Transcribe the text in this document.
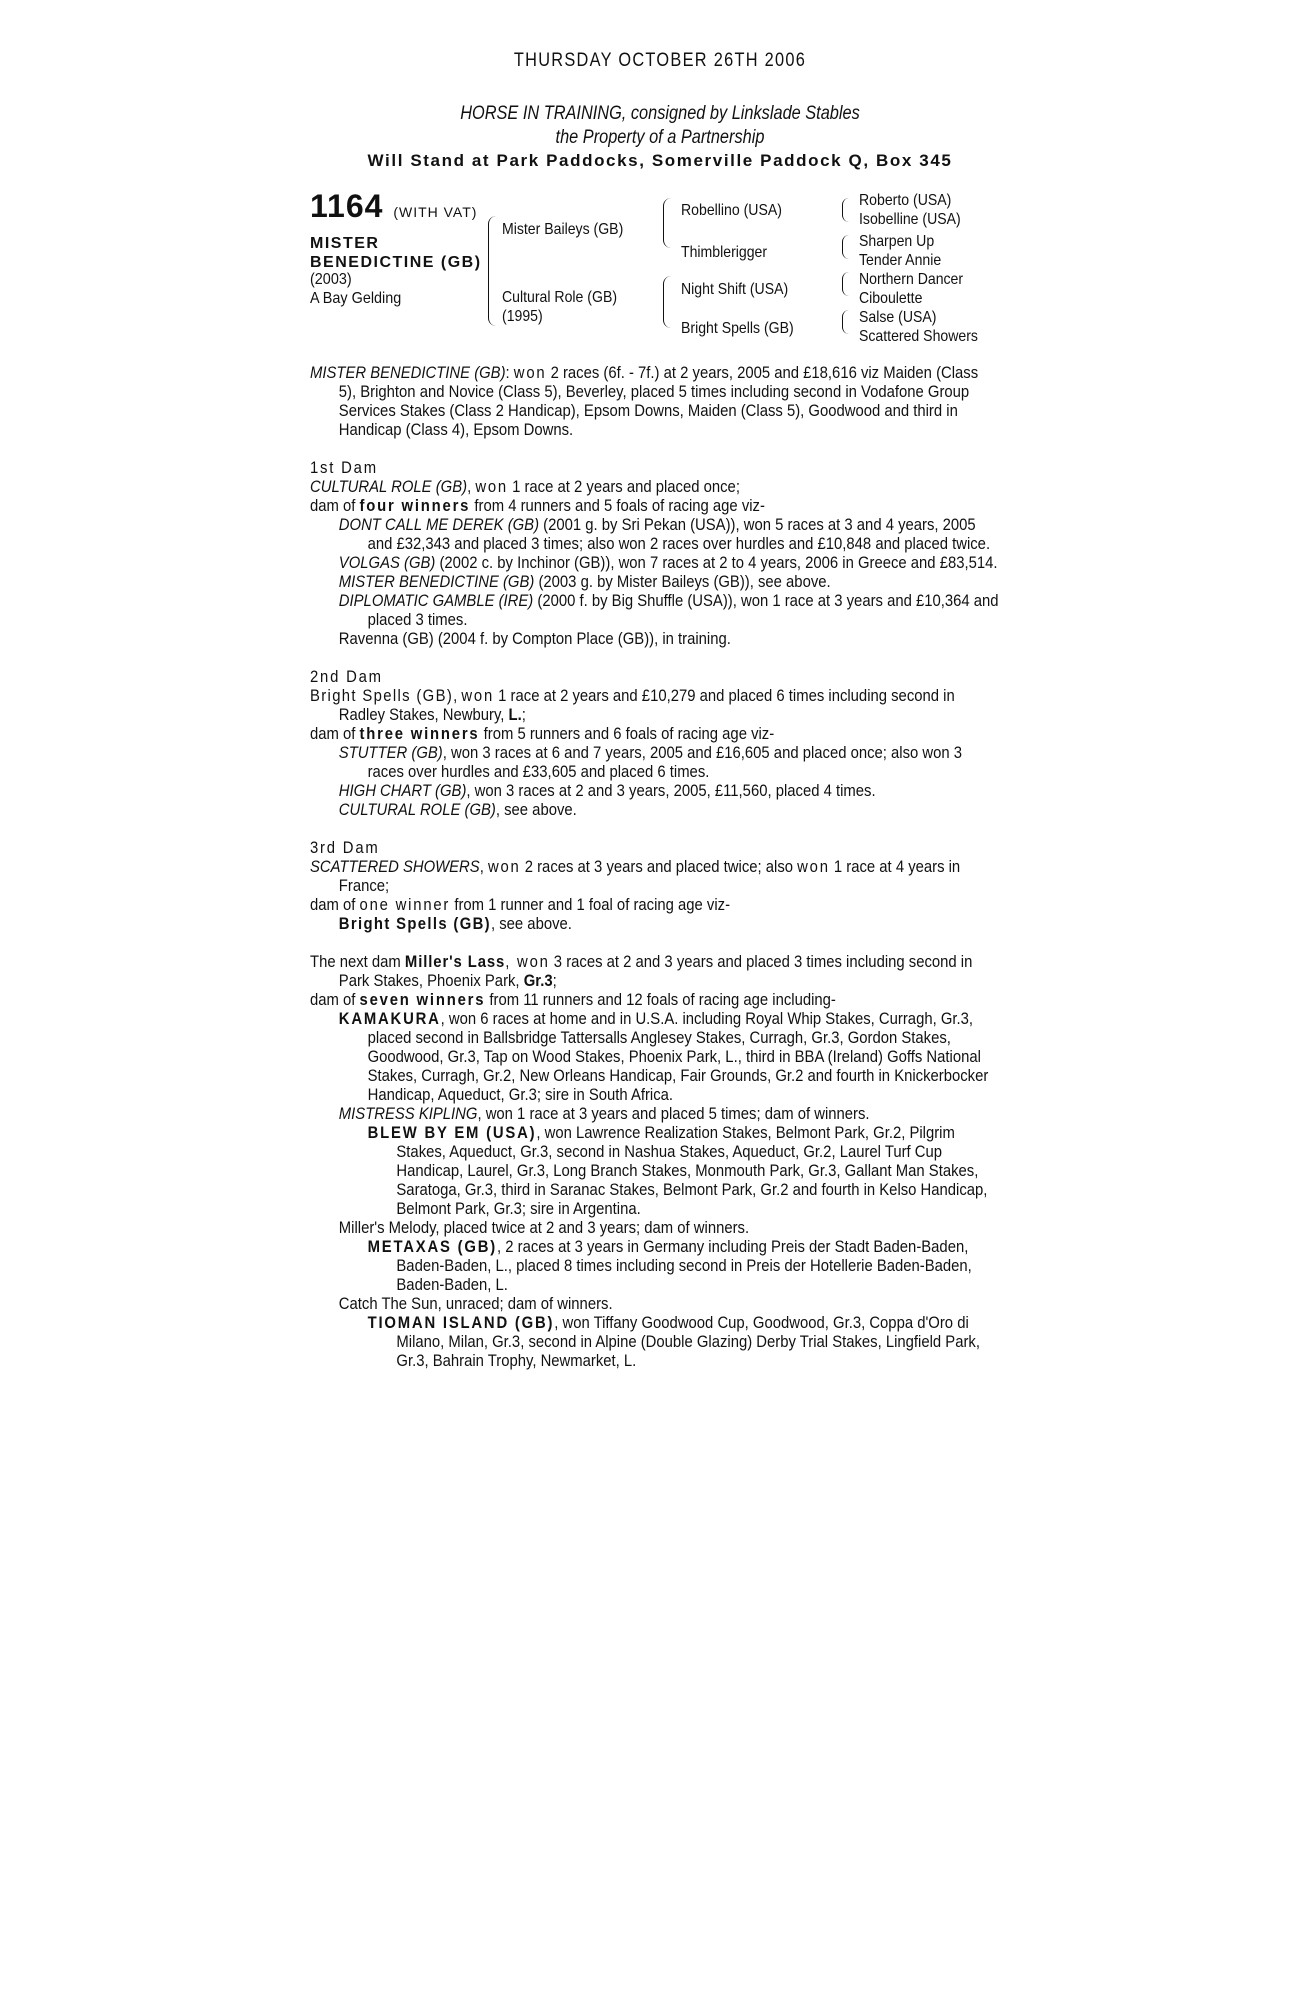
THURSDAY OCTOBER 26TH 2006
HORSE IN TRAINING, consigned by Linkslade Stables
the Property of a Partnership
Will Stand at Park Paddocks, Somerville Paddock Q, Box 345
1164 (WITH VAT)
MISTER
BENEDICTINE (GB)
(2003)
A Bay Gelding
Mister Baileys (GB)
Cultural Role (GB)
(1995)
Robellino (USA)
Thimblerigger
Night Shift (USA)
Bright Spells (GB)
Roberto (USA)
Isobelline (USA)
Sharpen Up
Tender Annie
Northern Dancer
Ciboulette
Salse (USA)
Scattered Showers

MISTER BENEDICTINE (GB): won 2 races (6f. - 7f.) at 2 years, 2005 and £18,616 viz Maiden (Class 5), Brighton and Novice (Class 5), Beverley, placed 5 times including second in Vodafone Group Services Stakes (Class 2 Handicap), Epsom Downs, Maiden (Class 5), Goodwood and third in Handicap (Class 4), Epsom Downs.

1st Dam

CULTURAL ROLE (GB), won 1 race at 2 years and placed once;

dam of four winners from 4 runners and 5 foals of racing age viz-

DONT CALL ME DEREK (GB) (2001 g. by Sri Pekan (USA)), won 5 races at 3 and 4 years, 2005 and £32,343 and placed 3 times; also won 2 races over hurdles and £10,848 and placed twice.

VOLGAS (GB) (2002 c. by Inchinor (GB)), won 7 races at 2 to 4 years, 2006 in Greece and £83,514.

MISTER BENEDICTINE (GB) (2003 g. by Mister Baileys (GB)), see above.

DIPLOMATIC GAMBLE (IRE) (2000 f. by Big Shuffle (USA)), won 1 race at 3 years and £10,364 and placed 3 times.

Ravenna (GB) (2004 f. by Compton Place (GB)), in training.

2nd Dam

Bright Spells (GB), won 1 race at 2 years and £10,279 and placed 6 times including second in Radley Stakes, Newbury, L.;

dam of three winners from 5 runners and 6 foals of racing age viz-

STUTTER (GB), won 3 races at 6 and 7 years, 2005 and £16,605 and placed once; also won 3 races over hurdles and £33,605 and placed 6 times.

HIGH CHART (GB), won 3 races at 2 and 3 years, 2005, £11,560, placed 4 times.

CULTURAL ROLE (GB), see above.

3rd Dam

SCATTERED SHOWERS, won 2 races at 3 years and placed twice; also won 1 race at 4 years in France;

dam of one winner from 1 runner and 1 foal of racing age viz-

Bright Spells (GB), see above.

The next dam Miller's Lass, won 3 races at 2 and 3 years and placed 3 times including second in Park Stakes, Phoenix Park, Gr.3;

dam of seven winners from 11 runners and 12 foals of racing age including-

KAMAKURA, won 6 races at home and in U.S.A. including Royal Whip Stakes, Curragh, Gr.3, placed second in Ballsbridge Tattersalls Anglesey Stakes, Curragh, Gr.3, Gordon Stakes, Goodwood, Gr.3, Tap on Wood Stakes, Phoenix Park, L., third in BBA (Ireland) Goffs National Stakes, Curragh, Gr.2, New Orleans Handicap, Fair Grounds, Gr.2 and fourth in Knickerbocker Handicap, Aqueduct, Gr.3; sire in South Africa.

MISTRESS KIPLING, won 1 race at 3 years and placed 5 times; dam of winners.

BLEW BY EM (USA), won Lawrence Realization Stakes, Belmont Park, Gr.2, Pilgrim Stakes, Aqueduct, Gr.3, second in Nashua Stakes, Aqueduct, Gr.2, Laurel Turf Cup Handicap, Laurel, Gr.3, Long Branch Stakes, Monmouth Park, Gr.3, Gallant Man Stakes, Saratoga, Gr.3, third in Saranac Stakes, Belmont Park, Gr.2 and fourth in Kelso Handicap, Belmont Park, Gr.3; sire in Argentina.

Miller's Melody, placed twice at 2 and 3 years; dam of winners.

METAXAS (GB), 2 races at 3 years in Germany including Preis der Stadt Baden-Baden, Baden-Baden, L., placed 8 times including second in Preis der Hotellerie Baden-Baden, Baden-Baden, L.

Catch The Sun, unraced; dam of winners.

TIOMAN ISLAND (GB), won Tiffany Goodwood Cup, Goodwood, Gr.3, Coppa d'Oro di Milano, Milan, Gr.3, second in Alpine (Double Glazing) Derby Trial Stakes, Lingfield Park, Gr.3, Bahrain Trophy, Newmarket, L.
